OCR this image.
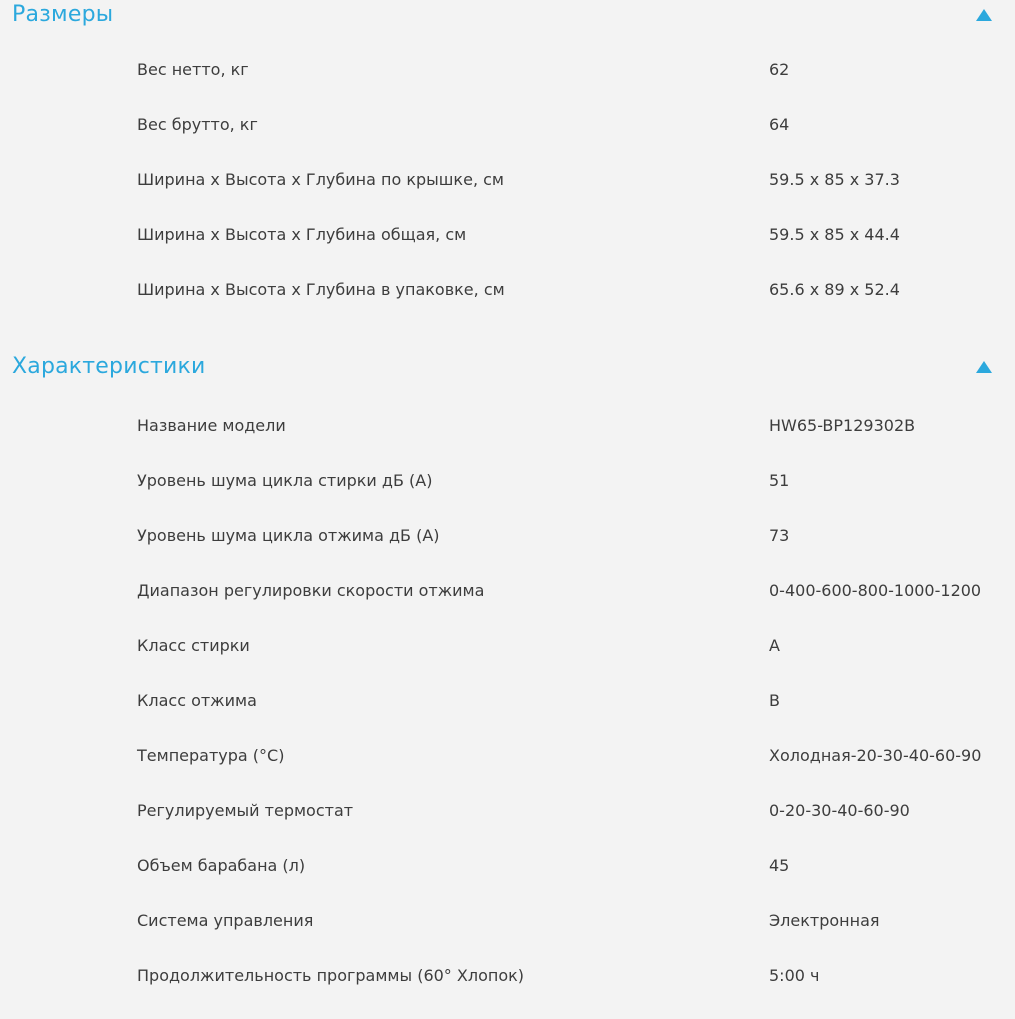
Размеры
Вес нетто, кг	62
Вес брутто, кг	64
Ширина х Высота х Глубина по крышке, см	59.5 х 85 х 37.3
Ширина х Высота х Глубина общая, см	59.5 х 85 х 44.4
Ширина х Высота х Глубина в упаковке, см	65.6 х 89 х 52.4
Характеристики
Название модели	HW65-BP129302B
Уровень шума цикла стирки дБ (А)	51
Уровень шума цикла отжима дБ (А)	73
Диапазон регулировки скорости отжима	0-400-600-800-1000-1200
Класс стирки	A
Класс отжима	B
Температура (°C)	Холодная-20-30-40-60-90
Регулируемый термостат	0-20-30-40-60-90
Объем барабана (л)	45
Система управления	Электронная
Продолжительность программы (60° Хлопок)	5:00 ч
